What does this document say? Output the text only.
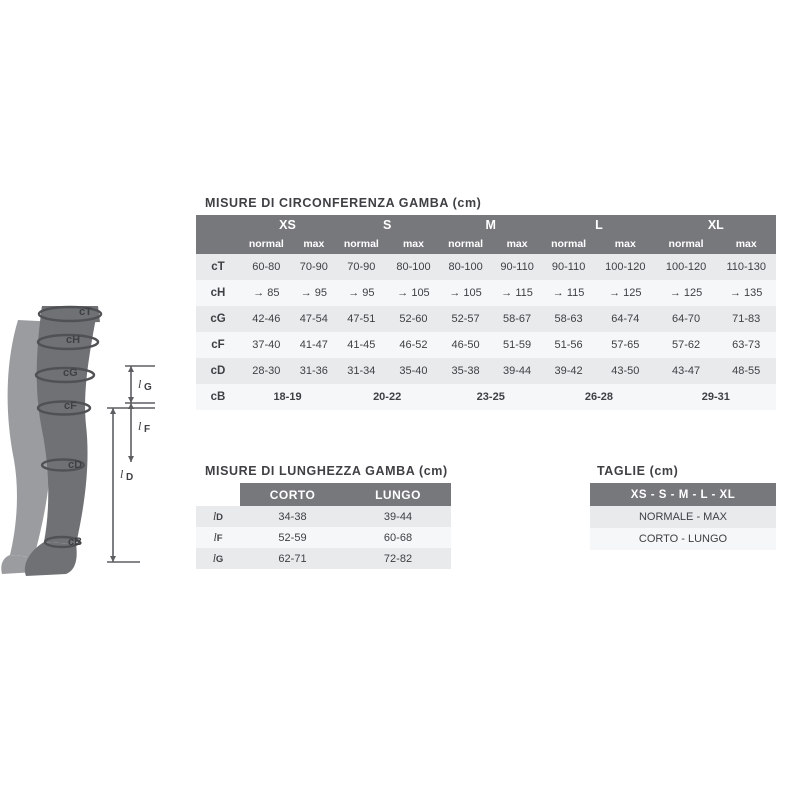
cT
cH
cG
cF
cD
cB
l G
l F
l D
MISURE DI CIRCONFERENZA GAMBA (cm)
	XS		S		M		L		XL	
	normal	max	normal	max	normal	max	normal	max	normal	max
cT	60-80	70-90	70-90	80-100	80-100	90-110	90-110	100-120	100-120	110-130
cH	→ 85	→ 95	→ 95	→ 105	→ 105	→ 115	→ 115	→ 125	→ 125	→ 135
cG	42-46	47-54	47-51	52-60	52-57	58-67	58-63	64-74	64-70	71-83
cF	37-40	41-47	41-45	46-52	46-50	51-59	51-56	57-65	57-62	63-73
cD	28-30	31-36	31-34	35-40	35-38	39-44	39-42	43-50	43-47	48-55
cB	18-19		20-22		23-25		26-28		29-31	
MISURE DI LUNGHEZZA GAMBA (cm)
	CORTO	LUNGO
lD	34-38	39-44
lF	52-59	60-68
lG	62-71	72-82
TAGLIE (cm)
XS - S - M - L - XL
NORMALE - MAX
CORTO - LUNGO
